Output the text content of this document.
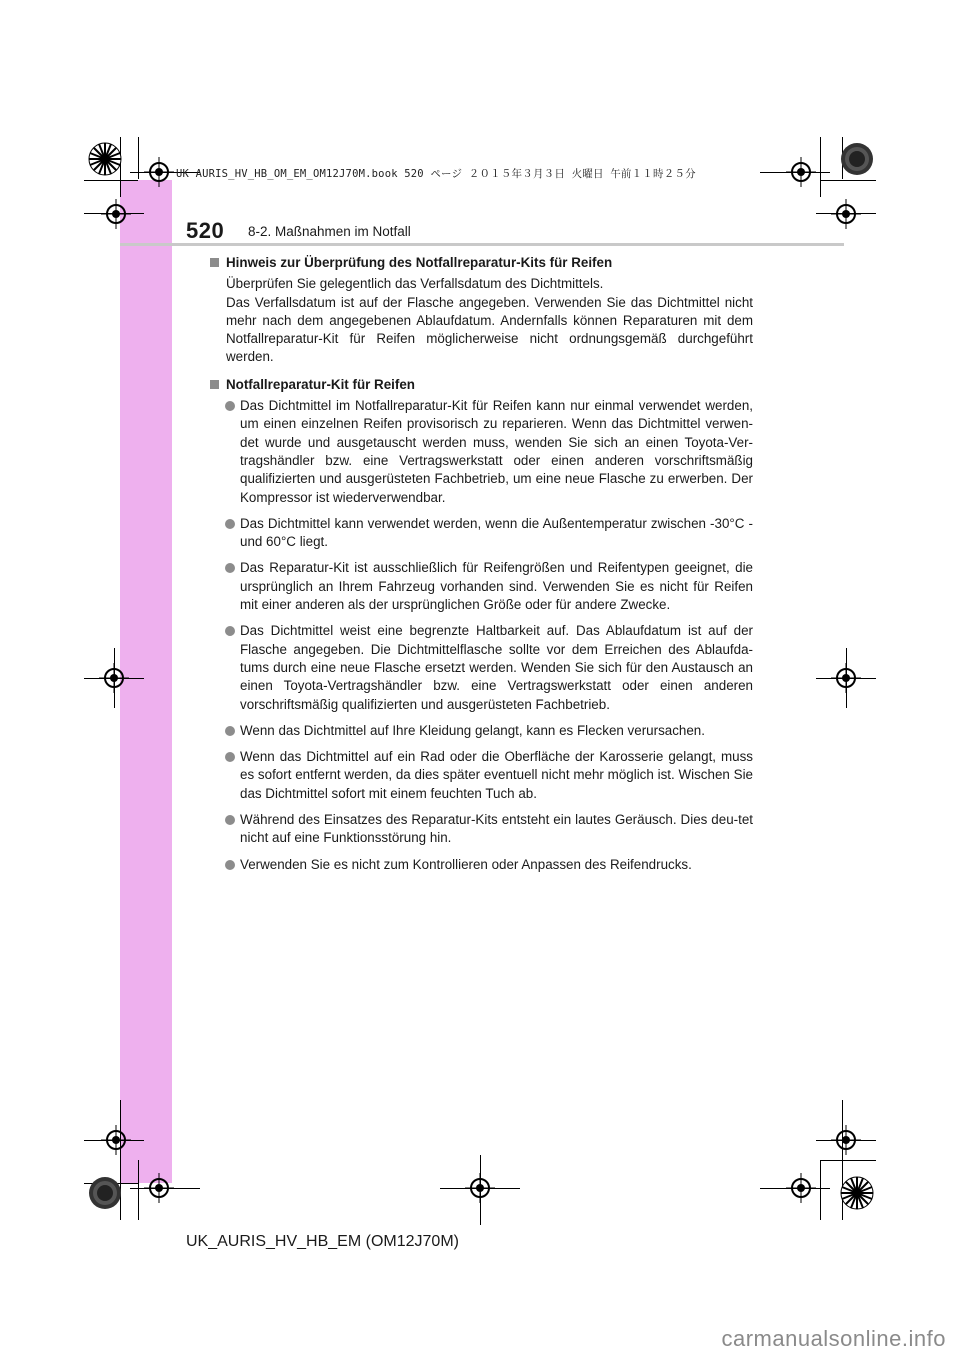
UK AURIS_HV_HB_OM_EM_OM12J70M.book 520 ページ ２０１５年３月３日 火曜日 午前１１時２５分
520 8-2. Maßnahmen im Notfall
Hinweis zur Überprüfung des Notfallreparatur-Kits für Reifen
Überprüfen Sie gelegentlich das Verfallsdatum des Dichtmittels.
Das Verfallsdatum ist auf der Flasche angegeben. Verwenden Sie das Dichtmittel nicht mehr nach dem angegebenen Ablaufdatum. Andernfalls können Reparaturen mit dem Notfallreparatur-Kit für Reifen möglicherweise nicht ordnungsgemäß durchgeführt werden.
Notfallreparatur-Kit für Reifen
Das Dichtmittel im Notfallreparatur-Kit für Reifen kann nur einmal verwendet werden, um einen einzelnen Reifen provisorisch zu reparieren. Wenn das Dichtmittel verwen-det wurde und ausgetauscht werden muss, wenden Sie sich an einen Toyota-Ver-tragshändler bzw. eine Vertragswerkstatt oder einen anderen vorschriftsmäßig qualifizierten und ausgerüsteten Fachbetrieb, um eine neue Flasche zu erwerben. Der Kompressor ist wiederverwendbar.
Das Dichtmittel kann verwendet werden, wenn die Außentemperatur zwischen -30°C -und 60°C liegt.
Das Reparatur-Kit ist ausschließlich für Reifengrößen und Reifentypen geeignet, die ursprünglich an Ihrem Fahrzeug vorhanden sind. Verwenden Sie es nicht für Reifen mit einer anderen als der ursprünglichen Größe oder für andere Zwecke.
Das Dichtmittel weist eine begrenzte Haltbarkeit auf. Das Ablaufdatum ist auf der Flasche angegeben. Die Dichtmittelflasche sollte vor dem Erreichen des Ablaufda-tums durch eine neue Flasche ersetzt werden. Wenden Sie sich für den Austausch an einen Toyota-Vertragshändler bzw. eine Vertragswerkstatt oder einen anderen vorschriftsmäßig qualifizierten und ausgerüsteten Fachbetrieb.
Wenn das Dichtmittel auf Ihre Kleidung gelangt, kann es Flecken verursachen.
Wenn das Dichtmittel auf ein Rad oder die Oberfläche der Karosserie gelangt, muss es sofort entfernt werden, da dies später eventuell nicht mehr möglich ist. Wischen Sie das Dichtmittel sofort mit einem feuchten Tuch ab.
Während des Einsatzes des Reparatur-Kits entsteht ein lautes Geräusch. Dies deu-tet nicht auf eine Funktionsstörung hin.
Verwenden Sie es nicht zum Kontrollieren oder Anpassen des Reifendrucks.
UK_AURIS_HV_HB_EM (OM12J70M)
carmanualsonline.info
